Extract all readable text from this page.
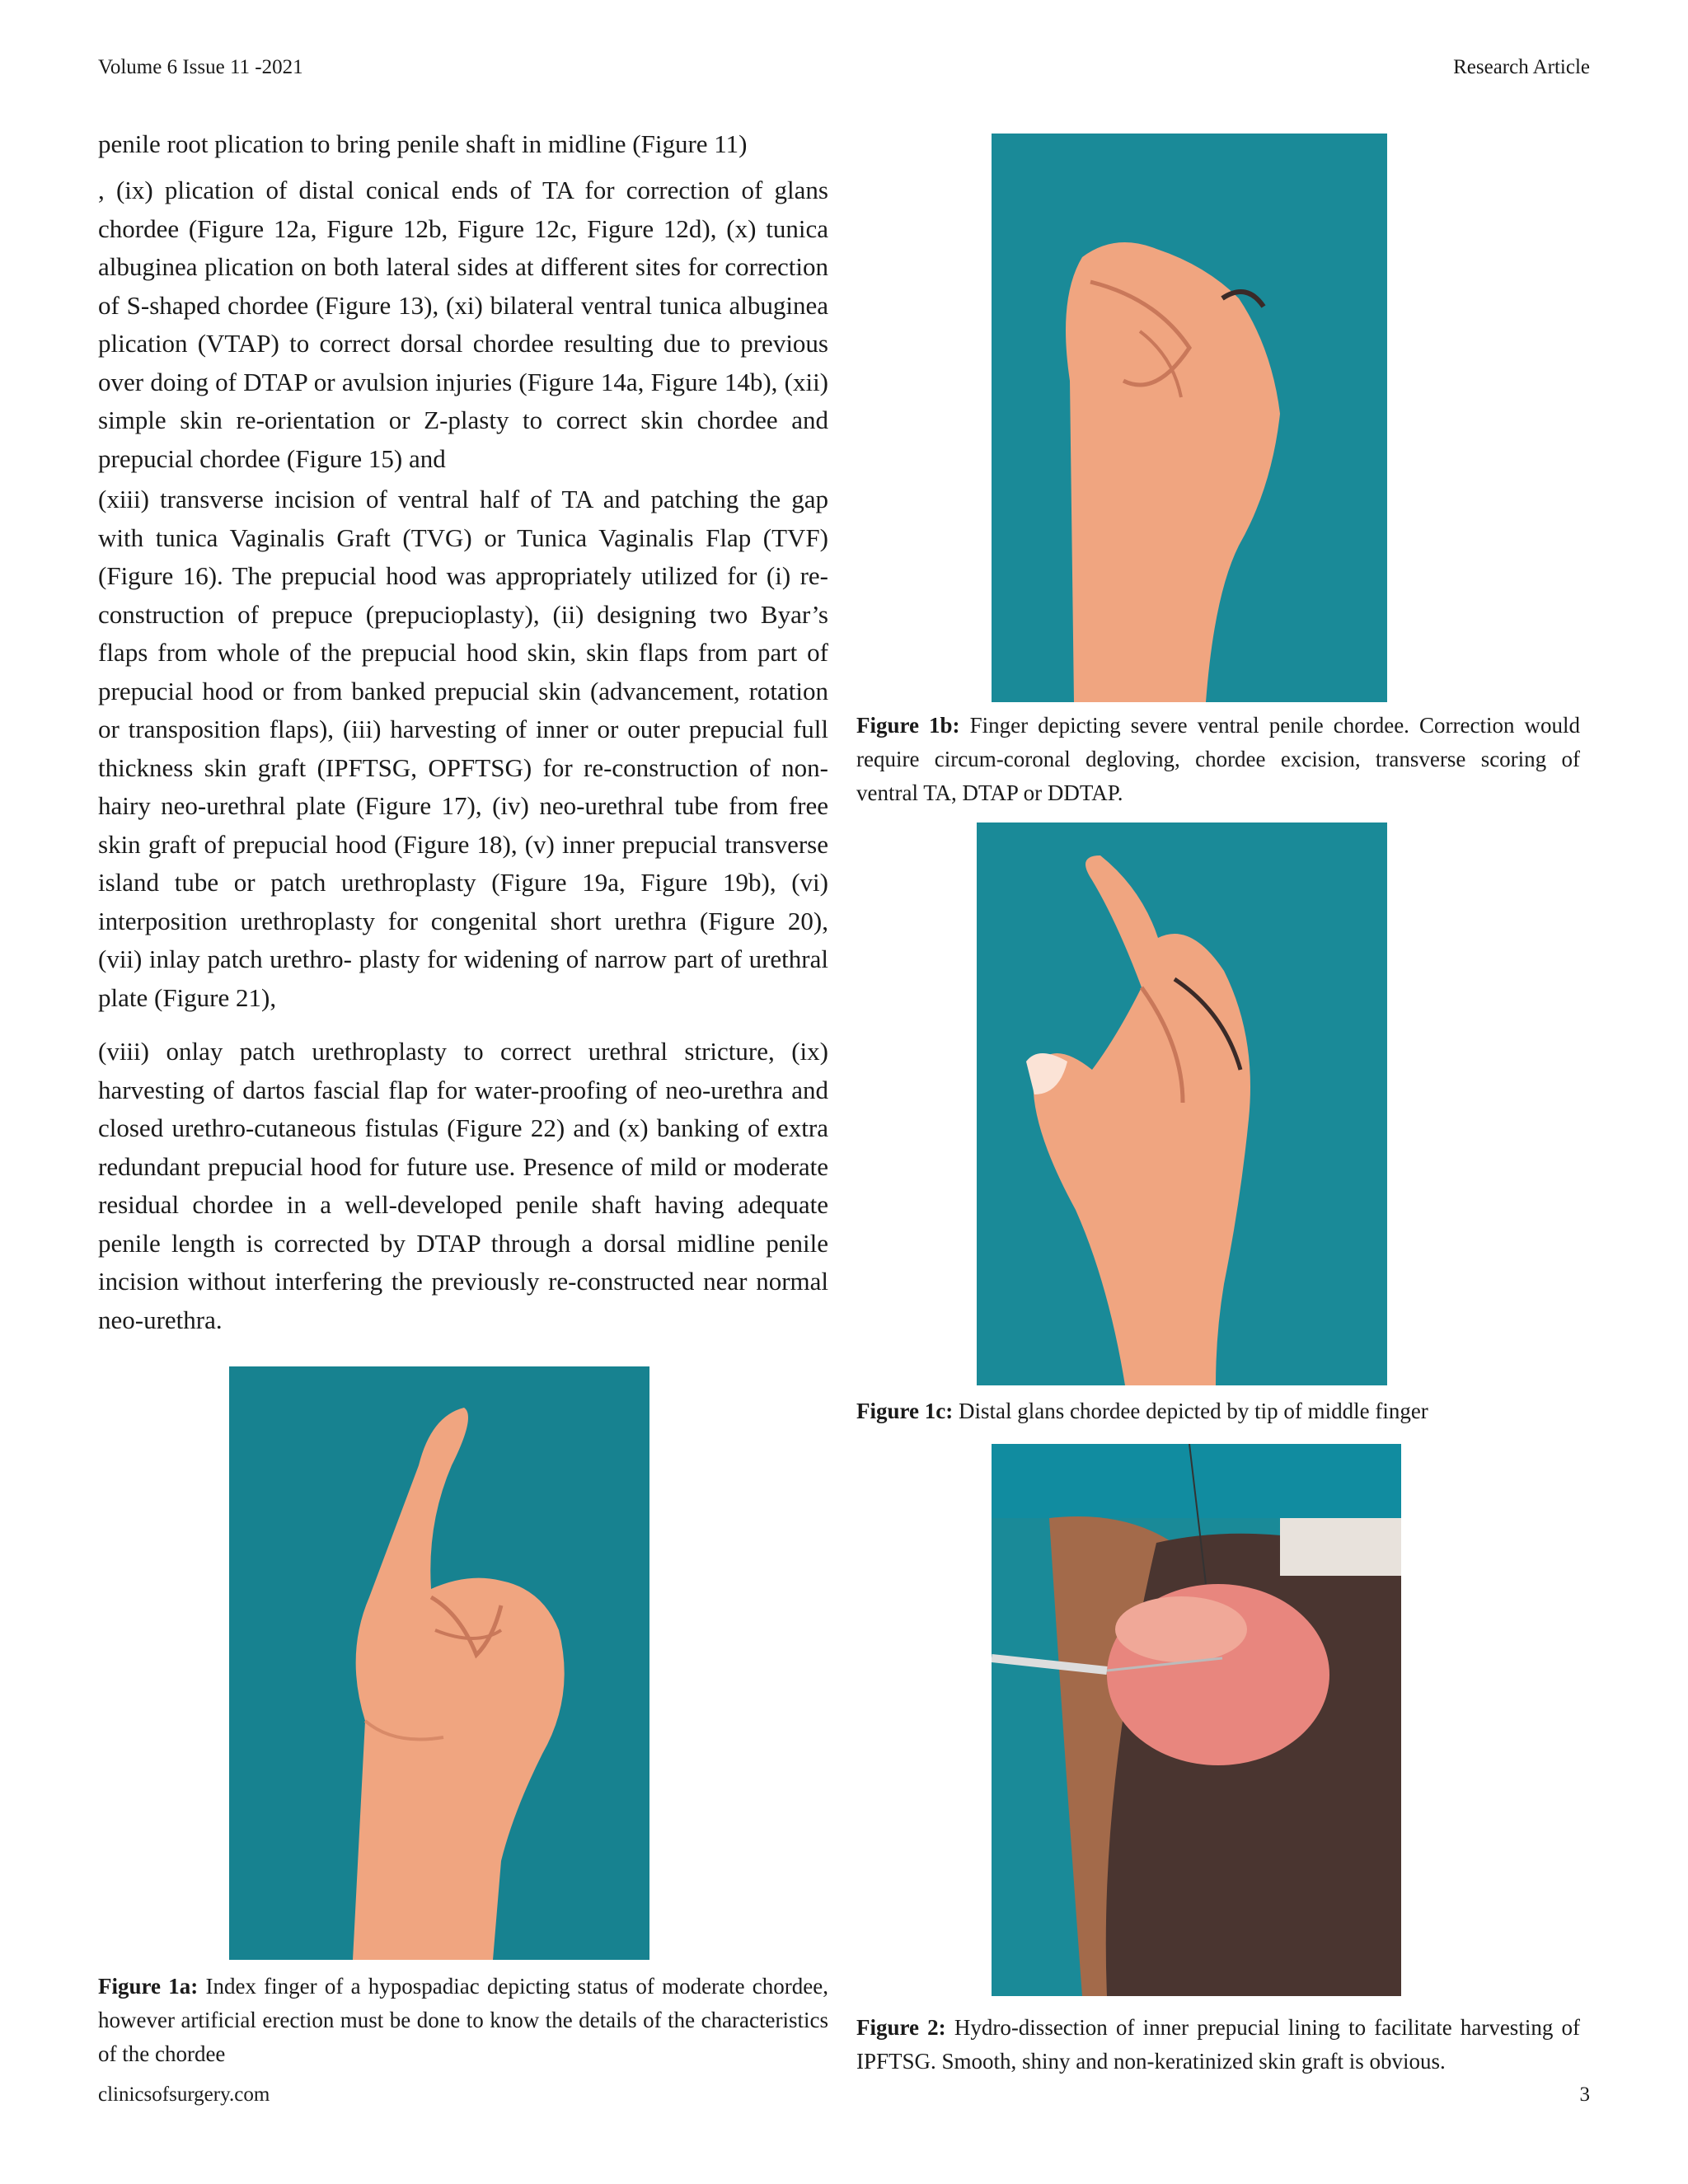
Volume 6 Issue 11 -2021	Research Article

penile root plication to bring penile shaft in midline (Figure 11)

, (ix) plication of distal conical ends of TA for correction of glans chordee (Figure 12a, Figure 12b, Figure 12c, Figure 12d), (x) tunica albuginea plication on both lateral sides at different sites for correction of S-shaped chordee (Figure 13), (xi) bilateral ventral tunica albuginea plication (VTAP) to correct dorsal chordee resulting due to previous over doing of DTAP or avulsion injuries (Figure 14a, Figure 14b), (xii) simple skin re-orientation or Z-plasty to correct skin chordee and prepucial chordee (Figure 15) and

(xiii) transverse incision of ventral half of TA and patching the gap with tunica Vaginalis Graft (TVG) or Tunica Vaginalis Flap (TVF) (Figure 16). The prepucial hood was appropriately utilized for (i) re-construction of prepuce (prepucioplasty), (ii) designing two Byar’s flaps from whole of the prepucial hood skin, skin flaps from part of prepucial hood or from banked prepucial skin (advancement, rotation or transposition flaps), (iii) harvesting of inner or outer prepucial full thickness skin graft (IPFTSG, OPFTSG) for re-construction of non-hairy neo-urethral plate (Figure 17), (iv) neo-urethral tube from free skin graft of prepucial hood (Figure 18), (v) inner prepucial transverse island tube or patch urethroplasty (Figure 19a, Figure 19b), (vi) interposition urethroplasty for congenital short urethra (Figure 20), (vii) inlay patch urethro- plasty for widening of narrow part of urethral plate (Figure 21),

(viii) onlay patch urethroplasty to correct urethral stricture, (ix) harvesting of dartos fascial flap for water-proofing of neo-urethra and closed urethro-cutaneous fistulas (Figure 22) and (x) banking of extra redundant prepucial hood for future use. Presence of mild or moderate residual chordee in a well-developed penile shaft having adequate penile length is corrected by DTAP through a dorsal midline penile incision without interfering the previously re-constructed near normal neo-urethra.

Figure 1a: Index finger of a hypospadiac depicting status of moderate chordee, however artificial erection must be done to know the details of the characteristics of the chordee
Figure 1b: Finger depicting severe ventral penile chordee. Correction would require circum-coronal degloving, chordee excision, transverse scoring of ventral TA, DTAP or DDTAP.
Figure 1c: Distal glans chordee depicted by tip of middle finger
Figure 2: Hydro-dissection of inner prepucial lining to facilitate harvesting of IPFTSG. Smooth, shiny and non-keratinized skin graft is obvious.
clinicsofsurgery.com	3
